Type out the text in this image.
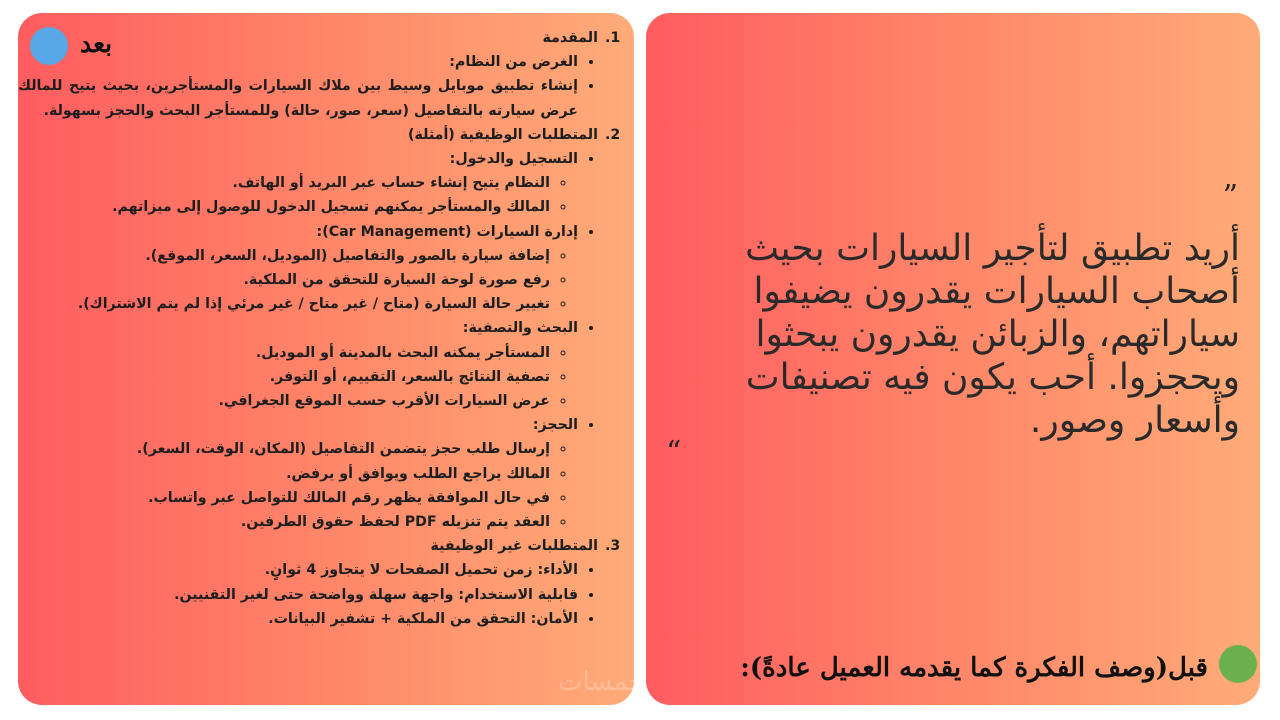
بعد
1.	المقدمة
• الغرض من النظام:
• إنشاء تطبيق موبايل وسيط بين ملاك السيارات والمستأجرين، بحيث يتيح للمالك عرض سيارته بالتفاصيل (سعر، صور، حالة) وللمستأجر البحث والحجز بسهولة.
2. المتطلبات الوظيفية (أمثلة)
• التسجيل والدخول:
◦ النظام يتيح إنشاء حساب عبر البريد أو الهاتف.
◦ المالك والمستأجر يمكنهم تسجيل الدخول للوصول إلى ميزاتهم.
• إدارة السيارات (Car Management):
◦ إضافة سيارة بالصور والتفاصيل (الموديل، السعر، الموقع).
◦ رفع صورة لوحة السيارة للتحقق من الملكية.
◦ تغيير حالة السيارة (متاح / غير متاح / غير مرئي إذا لم يتم الاشتراك).
• البحث والتصفية:
◦ المستأجر يمكنه البحث بالمدينة أو الموديل.
◦ تصفية النتائج بالسعر، التقييم، أو التوفر.
◦ عرض السيارات الأقرب حسب الموقع الجغرافي.
• الحجز:
◦ إرسال طلب حجز يتضمن التفاصيل (المكان، الوقت، السعر).
◦ المالك يراجع الطلب ويوافق أو يرفض.
◦ في حال الموافقة يظهر رقم المالك للتواصل عبر واتساب.
◦ العقد يتم تنزيله PDF لحفظ حقوق الطرفين.
3. المتطلبات غير الوظيفية
• الأداء: زمن تحميل الصفحات لا يتجاوز 4 ثوانٍ.
• قابلية الاستخدام: واجهة سهلة وواضحة حتى لغير التقنيين.
• الأمان: التحقق من الملكية + تشفير البيانات.
خمسات
”
أريد تطبيق لتأجير السيارات بحيث أصحاب السيارات يقدرون يضيفوا سياراتهم، والزبائن يقدرون يبحثوا ويحجزوا. أحب يكون فيه تصنيفات وأسعار وصور.
“
قبل(وصف الفكرة كما يقدمه العميل عادةً):
